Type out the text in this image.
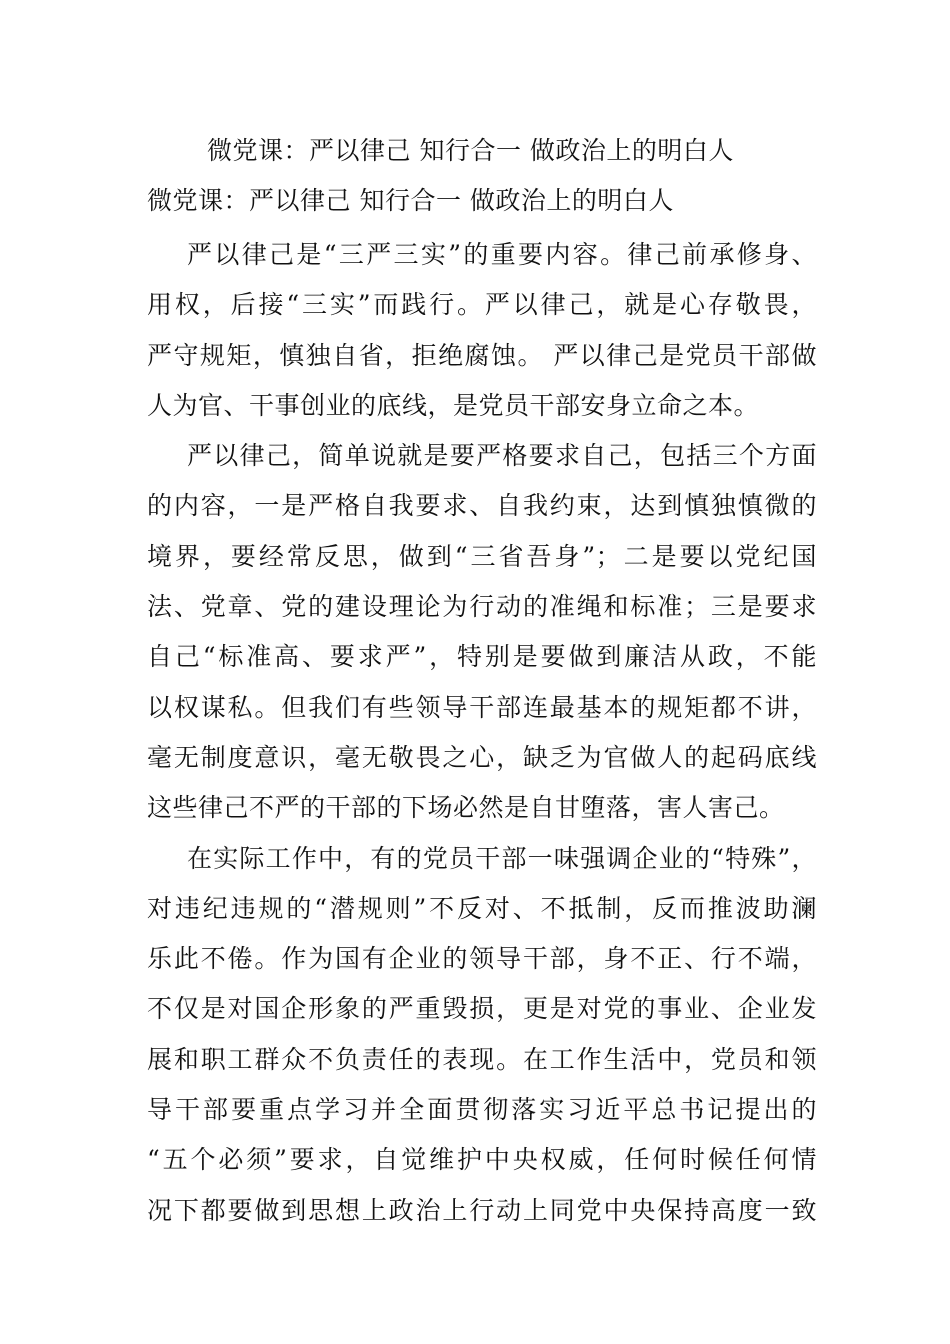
微党课：严以律己 知行合一 做政治上的明白人
微党课：严以律己 知行合一 做政治上的明白人
严以律己是“三严三实”的重要内容。律己前承修身、
用权，后接“三实”而践行。严以律己，就是心存敬畏，
严守规矩，慎独自省，拒绝腐蚀。 严以律己是党员干部做
人为官、干事创业的底线，是党员干部安身立命之本。
严以律己，简单说就是要严格要求自己，包括三个方面
的内容，一是严格自我要求、自我约束，达到慎独慎微的
境界，要经常反思，做到“三省吾身”；二是要以党纪国
法、党章、党的建设理论为行动的准绳和标准；三是要求
自己“标准高、要求严”，特别是要做到廉洁从政，不能
以权谋私。但我们有些领导干部连最基本的规矩都不讲，
毫无制度意识，毫无敬畏之心，缺乏为官做人的起码底线
这些律己不严的干部的下场必然是自甘堕落，害人害己。
在实际工作中，有的党员干部一味强调企业的“特殊”，
对违纪违规的“潜规则”不反对、不抵制，反而推波助澜
乐此不倦。作为国有企业的领导干部，身不正、行不端，
不仅是对国企形象的严重毁损，更是对党的事业、企业发
展和职工群众不负责任的表现。在工作生活中，党员和领
导干部要重点学习并全面贯彻落实习近平总书记提出的
“五个必须”要求，自觉维护中央权威，任何时候任何情
况下都要做到思想上政治上行动上同党中央保持高度一致
